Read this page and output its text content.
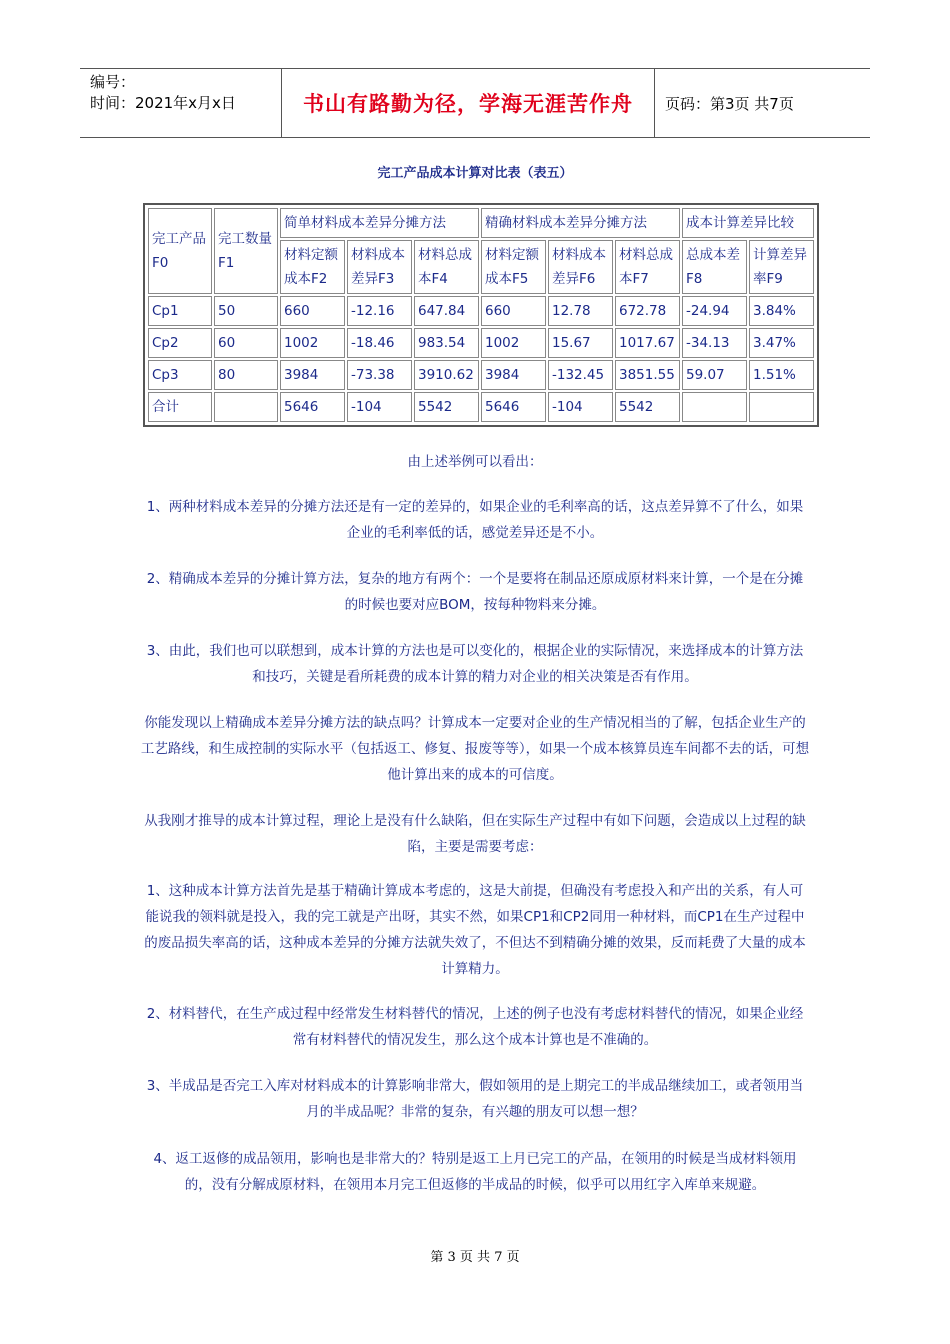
编号：
时间：2021年x月x日	书山有路勤为径，学海无涯苦作舟	页码：第3页 共7页
完工产品成本计算对比表（表五）
完工产品F0	完工数量F1	简单材料成本差异分摊方法			精确材料成本差异分摊方法			成本计算差异比较	
		材料定额成本F2	材料成本差异F3	材料总成本F4	材料定额成本F5	材料成本差异F6	材料总成本F7	总成本差F8	计算差异率F9
Cp1	50	660	-12.16	647.84	660	12.78	672.78	-24.94	3.84%
Cp2	60	1002	-18.46	983.54	1002	15.67	1017.67	-34.13	3.47%
Cp3	80	3984	-73.38	3910.62	3984	-132.45	3851.55	59.07	1.51%
合计		5646	-104	5542	5646	-104	5542		
由上述举例可以看出：
1、两种材料成本差异的分摊方法还是有一定的差异的，如果企业的毛利率高的话，这点差异算不了什么，如果企业的毛利率低的话，感觉差异还是不小。
2、精确成本差异的分摊计算方法，复杂的地方有两个：一个是要将在制品还原成原材料来计算，一个是在分摊的时候也要对应BOM，按每种物料来分摊。
3、由此，我们也可以联想到，成本计算的方法也是可以变化的，根据企业的实际情况，来选择成本的计算方法和技巧，关键是看所耗费的成本计算的精力对企业的相关决策是否有作用。
你能发现以上精确成本差异分摊方法的缺点吗？计算成本一定要对企业的生产情况相当的了解，包括企业生产的工艺路线，和生成控制的实际水平（包括返工、修复、报废等等），如果一个成本核算员连车间都不去的话，可想他计算出来的成本的可信度。
从我刚才推导的成本计算过程，理论上是没有什么缺陷，但在实际生产过程中有如下问题，会造成以上过程的缺陷，主要是需要考虑：
1、这种成本计算方法首先是基于精确计算成本考虑的，这是大前提，但确没有考虑投入和产出的关系，有人可能说我的领料就是投入，我的完工就是产出呀，其实不然，如果CP1和CP2同用一种材料，而CP1在生产过程中的废品损失率高的话，这种成本差异的分摊方法就失效了，不但达不到精确分摊的效果，反而耗费了大量的成本计算精力。
2、材料替代，在生产成过程中经常发生材料替代的情况，上述的例子也没有考虑材料替代的情况，如果企业经常有材料替代的情况发生，那么这个成本计算也是不准确的。
3、半成品是否完工入库对材料成本的计算影响非常大，假如领用的是上期完工的半成品继续加工，或者领用当月的半成品呢？非常的复杂，有兴趣的朋友可以想一想？
4、返工返修的成品领用，影响也是非常大的？特别是返工上月已完工的产品，在领用的时候是当成材料领用的，没有分解成原材料，在领用本月完工但返修的半成品的时候，似乎可以用红字入库单来规避。
第 3 页 共 7 页
